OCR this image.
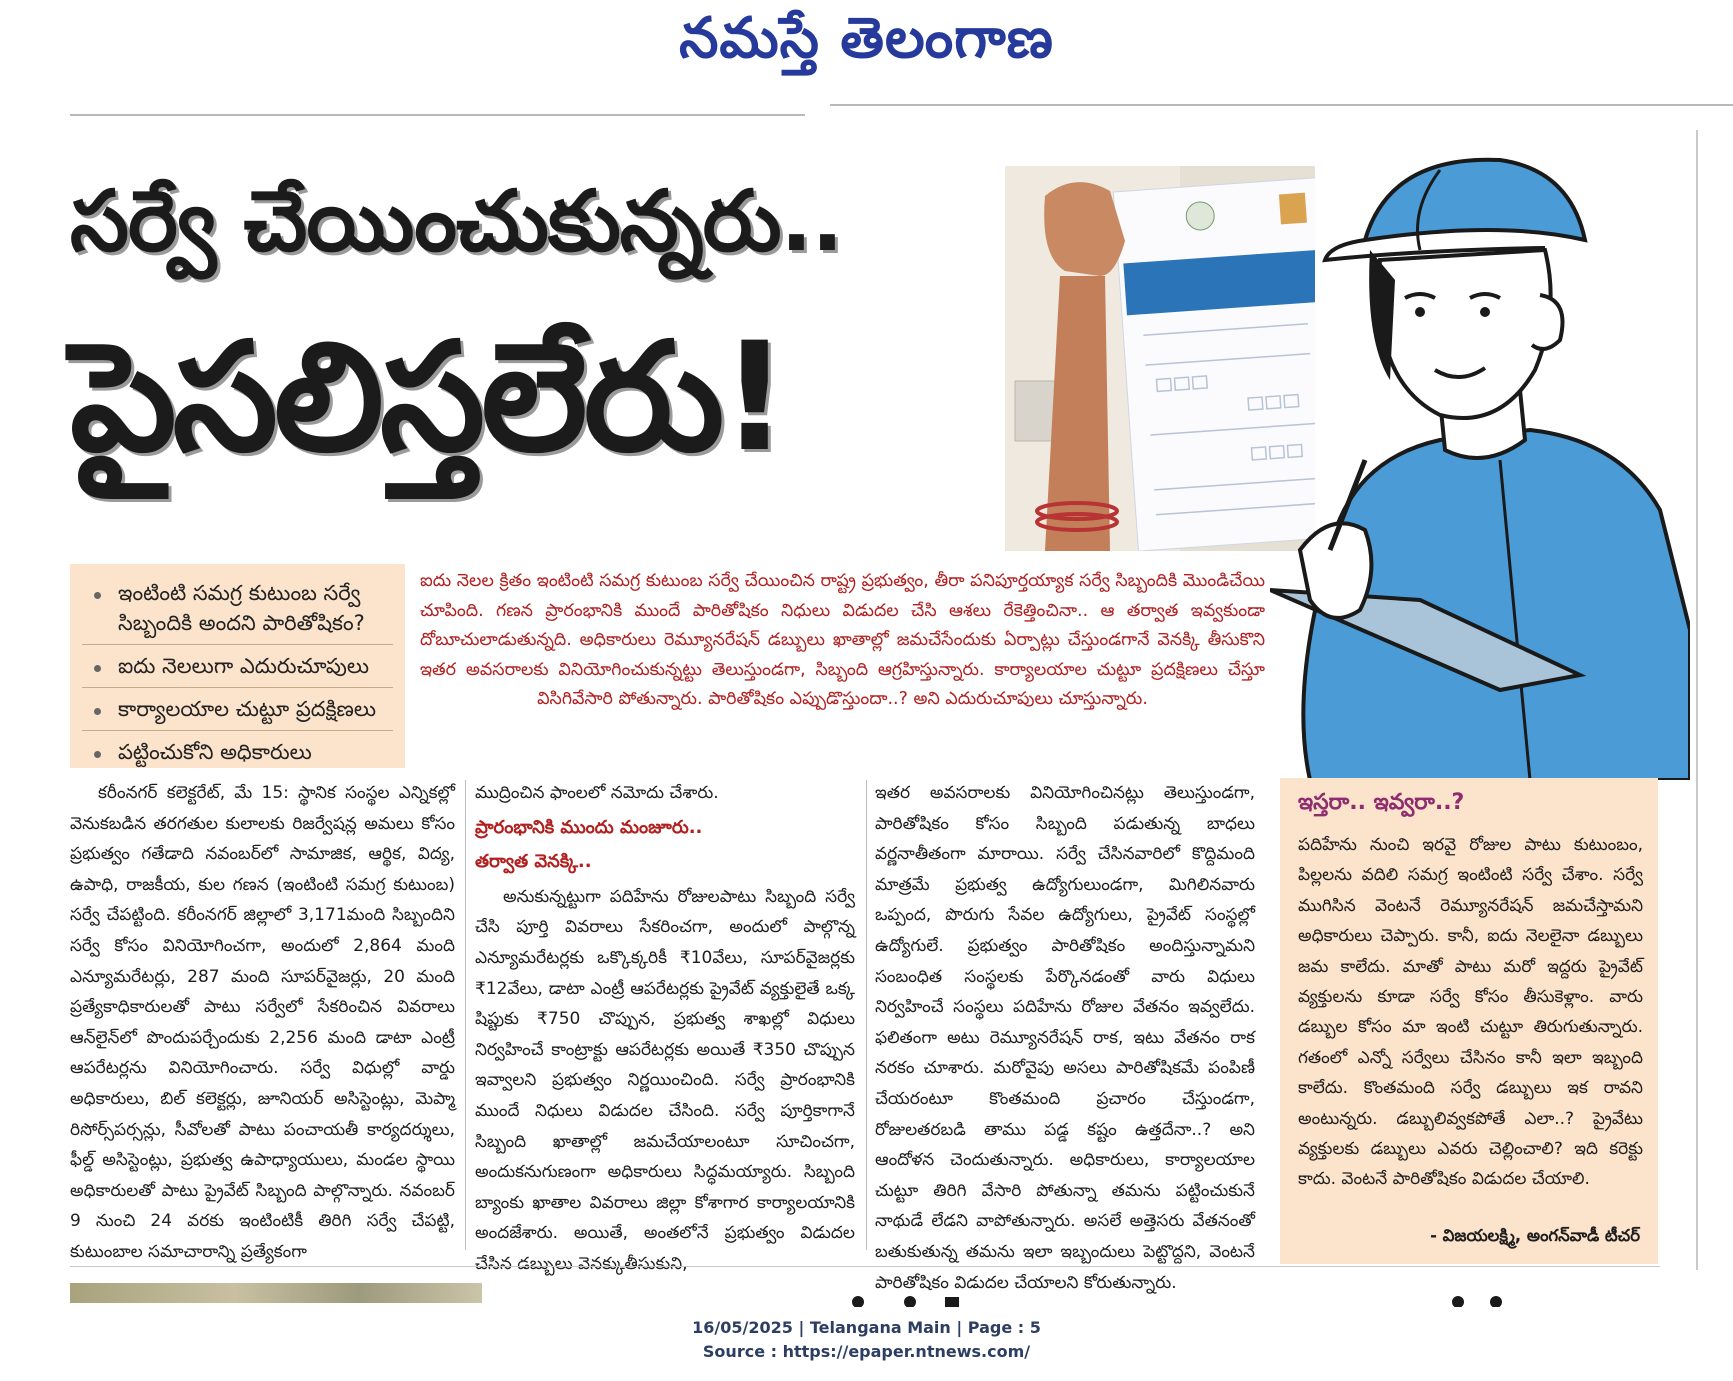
నమస్తే తెలంగాణ
సర్వే చేయించుకున్నరు..
పైసలిస్తలేరు!
ఇంటింటి సమగ్ర కుటుంబ సర్వే సిబ్బందికి అందని పారితోషికం?
ఐదు నెలలుగా ఎదురుచూపులు
కార్యాలయాల చుట్టూ ప్రదక్షిణలు
పట్టించుకోని అధికారులు
ఐదు నెలల క్రితం ఇంటింటి సమగ్ర కుటుంబ సర్వే చేయించిన రాష్ట్ర ప్రభుత్వం, తీరా పనిపూర్తయ్యాక సర్వే సిబ్బందికి మొండిచేయి చూపింది. గణన ప్రారంభానికి ముందే పారితోషికం నిధులు విడుదల చేసి ఆశలు రేకెత్తించినా.. ఆ తర్వాత ఇవ్వకుండా దోబూచులాడుతున్నది. అధికారులు రెమ్యూనరేషన్ డబ్బులు ఖాతాల్లో జమచేసేందుకు ఏర్పాట్లు చేస్తుండగానే వెనక్కి తీసుకొని ఇతర అవసరాలకు వినియోగించుకున్నట్టు తెలుస్తుండగా, సిబ్బంది ఆగ్రహిస్తున్నారు. కార్యాలయాల చుట్టూ ప్రదక్షిణలు చేస్తూ విసిగివేసారి పోతున్నారు. పారితోషికం ఎప్పుడొస్తుందా..? అని ఎదురుచూపులు చూస్తున్నారు.

కరీంనగర్ కలెక్టరేట్, మే 15: స్థానిక సంస్థల ఎన్నికల్లో వెనుకబడిన తరగతుల కులాలకు రిజర్వేషన్ల అమలు కోసం ప్రభుత్వం గతేడాది నవంబర్‌లో సామాజిక, ఆర్థిక, విద్య, ఉపాధి, రాజకీయ, కుల గణన (ఇంటింటి సమగ్ర కుటుంబ) సర్వే చేపట్టింది. కరీంనగర్ జిల్లాలో 3,171మంది సిబ్బందిని సర్వే కోసం వినియోగించగా, అందులో 2,864 మంది ఎన్యూమరేటర్లు, 287 మంది సూపర్‌వైజర్లు, 20 మంది ప్రత్యేకాధికారులతో పాటు సర్వేలో సేకరించిన వివరాలు ఆన్‌లైన్‌లో పొందుపర్చేందుకు 2,256 మంది డాటా ఎంట్రీ ఆపరేటర్లను వినియోగించారు. సర్వే విధుల్లో వార్డు అధికారులు, బిల్ కలెక్టర్లు, జూనియర్ అసిస్టెంట్లు, మెప్మా రిసోర్స్‌పర్సన్లు, సీవోలతో పాటు పంచాయతీ కార్యదర్శులు, ఫీల్డ్ అసిస్టెంట్లు, ప్రభుత్వ ఉపాధ్యాయులు, మండల స్థాయి అధికారులతో పాటు ప్రైవేట్ సిబ్బంది పాల్గొన్నారు. నవంబర్ 9 నుంచి 24 వరకు ఇంటింటికీ తిరిగి సర్వే చేపట్టి, కుటుంబాల సమాచారాన్ని ప్రత్యేకంగా

ముద్రించిన ఫాంలలో నమోదు చేశారు.

ప్రారంభానికి ముందు మంజూరు..

తర్వాత వెనక్కి..

అనుకున్నట్టుగా పదిహేను రోజులపాటు సిబ్బంది సర్వే చేసి పూర్తి వివరాలు సేకరించగా, అందులో పాల్గొన్న ఎన్యూమరేటర్లకు ఒక్కొక్కరికీ ₹10వేలు, సూపర్‌వైజర్లకు ₹12వేలు, డాటా ఎంట్రీ ఆపరేటర్లకు ప్రైవేట్ వ్యక్తులైతే ఒక్క షిప్టుకు ₹750 చొప్పున, ప్రభుత్వ శాఖల్లో విధులు నిర్వహించే కాంట్రాక్టు ఆపరేటర్లకు అయితే ₹350 చొప్పున ఇవ్వాలని ప్రభుత్వం నిర్ణయించింది. సర్వే ప్రారంభానికి ముందే నిధులు విడుదల చేసింది. సర్వే పూర్తికాగానే సిబ్బంది ఖాతాల్లో జమచేయాలంటూ సూచించగా, అందుకనుగుణంగా అధికారులు సిద్ధమయ్యారు. సిబ్బంది బ్యాంకు ఖాతాల వివరాలు జిల్లా కోశాగార కార్యాలయానికి అందజేశారు. అయితే, అంతలోనే ప్రభుత్వం విడుదల చేసిన డబ్బులు వెనక్కుతీసుకుని,

ఇతర అవసరాలకు వినియోగించినట్లు తెలుస్తుండగా, పారితోషికం కోసం సిబ్బంది పడుతున్న బాధలు వర్ణనాతీతంగా మారాయి. సర్వే చేసినవారిలో కొద్దిమంది మాత్రమే ప్రభుత్వ ఉద్యోగులుండగా, మిగిలినవారు ఒప్పంద, పొరుగు సేవల ఉద్యోగులు, ప్రైవేట్ సంస్థల్లో ఉద్యోగులే. ప్రభుత్వం పారితోషికం అందిస్తున్నామని సంబంధిత సంస్థలకు పేర్కొనడంతో వారు విధులు నిర్వహించే సంస్థలు పదిహేను రోజుల వేతనం ఇవ్వలేదు. ఫలితంగా అటు రెమ్యూనరేషన్ రాక, ఇటు వేతనం రాక నరకం చూశారు. మరోవైపు అసలు పారితోషికమే పంపిణీ చేయరంటూ కొంతమంది ప్రచారం చేస్తుండగా, రోజులతరబడి తాము పడ్డ కష్టం ఉత్తదేనా..? అని ఆందోళన చెందుతున్నారు. అధికారులు, కార్యాలయాల చుట్టూ తిరిగి వేసారి పోతున్నా తమను పట్టించుకునే నాథుడే లేడని వాపోతున్నారు. అసలే అత్తెసరు వేతనంతో బతుకుతున్న తమను ఇలా ఇబ్బందులు పెట్టొద్దని, వెంటనే పారితోషికం విడుదల చేయాలని కోరుతున్నారు.

ఇస్తరా.. ఇవ్వరా..?

పదిహేను నుంచి ఇరవై రోజుల పాటు కుటుంబం, పిల్లలను వదిలి సమగ్ర ఇంటింటి సర్వే చేశాం. సర్వే ముగిసిన వెంటనే రెమ్యూనరేషన్ జమచేస్తామని అధికారులు చెప్పారు. కానీ, ఐదు నెలలైనా డబ్బులు జమ కాలేదు. మాతో పాటు మరో ఇద్దరు ప్రైవేట్ వ్యక్తులను కూడా సర్వే కోసం తీసుకెళ్లాం. వారు డబ్బుల కోసం మా ఇంటి చుట్టూ తిరుగుతున్నారు. గతంలో ఎన్నో సర్వేలు చేసినం కానీ ఇలా ఇబ్బంది కాలేదు. కొంతమంది సర్వే డబ్బులు ఇక రావని అంటున్నరు. డబ్బులివ్వకపోతే ఎలా..? ప్రైవేటు వ్యక్తులకు డబ్బులు ఎవరు చెల్లించాలి? ఇది కరెక్టు కాదు. వెంటనే పారితోషికం విడుదల చేయాలి.

- విజయలక్ష్మి, అంగన్‌వాడీ టీచర్
16/05/2025 | Telangana Main | Page : 5
Source : https://epaper.ntnews.com/
